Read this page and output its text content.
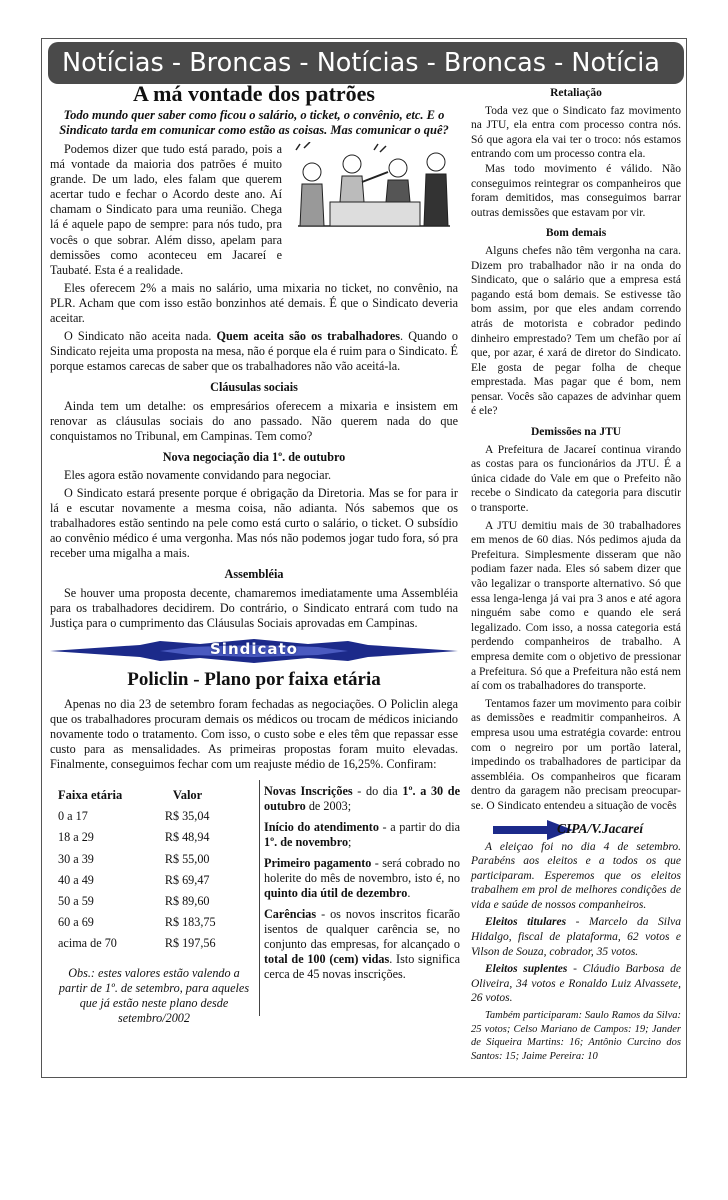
Notícias - Broncas - Notícias - Broncas - Notícia
A má vontade dos patrões
Todo mundo quer saber como ficou o salário, o ticket, o convênio, etc. E o Sindicato tarda em comunicar como estão as coisas. Mas comunicar o quê?

Podemos dizer que tudo está parado, pois a má vontade da maioria dos patrões é muito grande. De um lado, eles falam que querem acertar tudo e fechar o Acordo deste ano. Aí chamam o Sindicato para uma reunião. Chega lá é aquele papo de sempre: para nós tudo, pra vocês o que sobrar. Além disso, apelam para demissões como aconteceu em Jacareí e Taubaté. Esta é a realidade.

Eles oferecem 2% a mais no salário, uma mixaria no ticket, no convênio, na PLR. Acham que com isso estão bonzinhos até demais. É que o Sindicato deveria aceitar.

O Sindicato não aceita nada. Quem aceita são os trabalhadores. Quando o Sindicato rejeita uma proposta na mesa, não é porque ela é ruim para o Sindicato. É porque estamos carecas de saber que os trabalhadores não vão aceitá-la.

Cláusulas sociais

Ainda tem um detalhe: os empresários oferecem a mixaria e insistem em renovar as cláusulas sociais do ano passado. Não querem nada do que conquistamos no Tribunal, em Campinas. Tem como?

Nova negociação dia 1º. de outubro

Eles agora estão novamente convidando para negociar.

O Sindicato estará presente porque é obrigação da Diretoria. Mas se for para ir lá e escutar novamente a mesma coisa, não adianta. Nós sabemos que os trabalhadores estão sentindo na pele como está curto o salário, o ticket. O subsídio ao convênio médico é uma vergonha. Mas nós não podemos jogar tudo fora, só pra receber uma migalha a mais.

Assembléia

Se houver uma proposta decente, chamaremos imediatamente uma Assembléia para os trabalhadores decidirem. Do contrário, o Sindicato entrará com tudo na Justiça para o cumprimento das Cláusulas Sociais aprovadas em Campinas.

Sindicato
Policlin - Plano por faixa etária

Apenas no dia 23 de setembro foram fechadas as negociações. O Policlin alega que os trabalhadores procuram demais os médicos ou trocam de médicos iniciando novamente todo o tratamento. Com isso, o custo sobe e eles têm que repassar esse custo para as mensalidades. As primeiras propostas foram muito elevadas. Finalmente, conseguimos fechar com um reajuste médio de 16,25%. Confiram:

Faixa etária	Valor
0 a 17	R$ 35,04
18 a 29	R$ 48,94
30 a 39	R$ 55,00
40 a 49	R$ 69,47
50 a 59	R$ 89,60
60 a 69	R$ 183,75
acima de 70	R$ 197,56
Obs.: estes valores estão valendo a partir de 1º. de setembro, para aqueles que já estão neste plano desde setembro/2002

Novas Inscrições - do dia 1º. a 30 de outubro de 2003;

Início do atendimento - a partir do dia 1º. de novembro;

Primeiro pagamento - será cobrado no holerite do mês de novembro, isto é, no quinto dia útil de dezembro.

Carências - os novos inscritos ficarão isentos de qualquer carência se, no conjunto das empresas, for alcançado o total de 100 (cem) vidas. Isto significa cerca de 45 novas inscrições.

Retaliação

Toda vez que o Sindicato faz movimento na JTU, ela entra com processo contra nós. Só que agora ela vai ter o troco: nós estamos entrando com um processo contra ela.

Mas todo movimento é válido. Não conseguimos reintegrar os companheiros que foram demitidos, mas conseguimos barrar outras demissões que estavam por vir.

Bom demais

Alguns chefes não têm vergonha na cara. Dizem pro trabalhador não ir na onda do Sindicato, que o salário que a empresa está pagando está bom demais. Se estivesse tão bom assim, por que eles andam correndo atrás de motorista e cobrador pedindo dinheiro emprestado? Tem um chefão por aí que, por azar, é xará de diretor do Sindicato. Ele gosta de pegar folha de cheque emprestada. Mas pagar que é bom, nem pensar. Vocês são capazes de advinhar quem é ele?

Demissões na JTU

A Prefeitura de Jacareí continua virando as costas para os funcionários da JTU. É a única cidade do Vale em que o Prefeito não recebe o Sindicato da categoria para discutir o transporte.

A JTU demitiu mais de 30 trabalhadores em menos de 60 dias. Nós pedimos ajuda da Prefeitura. Simplesmente disseram que não podiam fazer nada. Eles só sabem dizer que vão legalizar o transporte alternativo. Só que essa lenga-lenga já vai pra 3 anos e até agora ninguém sabe como e quando ele será legalizado. Com isso, a nossa categoria está perdendo companheiros de trabalho. A empresa demite com o objetivo de pressionar a Prefeitura. Só que a Prefeitura não está nem aí com os trabalhadores do transporte.

Tentamos fazer um movimento para coibir as demissões e readmitir companheiros. A empresa usou uma estratégia covarde: entrou com o negreiro por um portão lateral, impedindo os trabalhadores de participar da assembléia. Os companheiros que ficaram dentro da garagem não precisam preocupar-se. O Sindicato entendeu a situação de vocês

CIPA/V.Jacareí

A eleiçao foi no dia 4 de setembro. Parabéns aos eleitos e a todos os que participaram. Esperemos que os eleitos trabalhem em prol de melhores condições de vida e saúde de nossos companheiros.

Eleitos titulares - Marcelo da Silva Hidalgo, fiscal de plataforma, 62 votos e Vilson de Souza, cobrador, 35 votos.

Eleitos suplentes - Cláudio Barbosa de Oliveira, 34 votos e Ronaldo Luiz Alvassete, 26 votos.

Também participaram: Saulo Ramos da Silva: 25 votos; Celso Mariano de Campos: 19; Jander de Siqueira Martins: 16; Antônio Curcino dos Santos: 15; Jaime Pereira: 10
